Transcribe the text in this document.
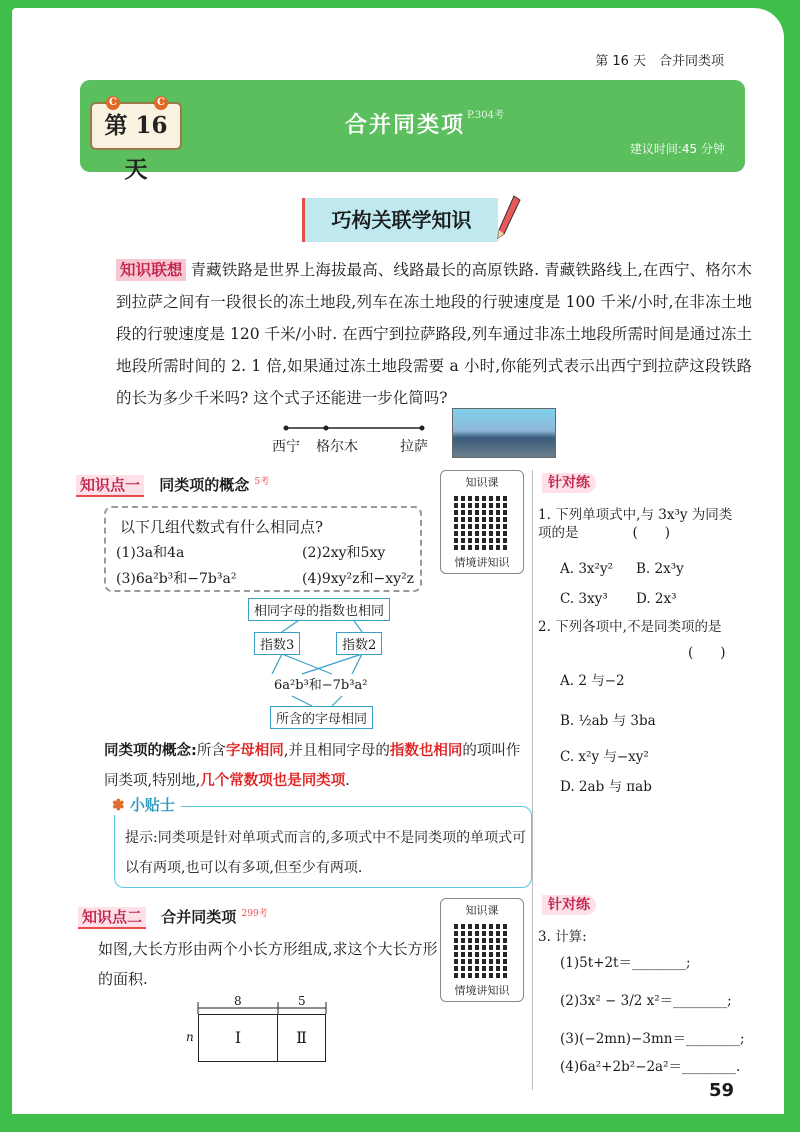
第 16 天　合并同类项
C	C
第 16 天
合并同类项 P.304考
建议时间:45 分钟
巧构关联学知识
知识联想 青藏铁路是世界上海拔最高、线路最长的高原铁路. 青藏铁路线上,在西宁、格尔木到拉萨之间有一段很长的冻土地段,列车在冻土地段的行驶速度是 100 千米/小时,在非冻土地段的行驶速度是 120 千米/小时. 在西宁到拉萨路段,列车通过非冻土地段所需时间是通过冻土地段所需时间的 2. 1 倍,如果通过冻土地段需要 a 小时,你能列式表示出西宁到拉萨这段铁路的长为多少千米吗? 这个式子还能进一步化简吗?
西宁 格尔木	拉萨
知识点一 同类项的概念 $^{5考}$	知识课
情境讲知识
以下几组代数式有什么相同点?
(1)3a和4a	(2)2xy和5xy
(3)6a²b³和−7b³a²	(4)9xy²z和−xy²z
相同字母的指数也相同
指数3	指数2
6a²b³和−7b³a²
所含的字母相同
同类项的概念:所含字母相同,并且相同字母的指数也相同的项叫作同类项,特别地,几个常数项也是同类项.
提示:同类项是针对单项式而言的,多项式中不是同类项的单项式可以有两项,也可以有多项,但至少有两项.
✽ 小贴士
知识点二 合并同类项 $^{299考}$	知识课
情境讲知识
如图,大长方形由两个小长方形组成,求这个大长方形的面积.
8	5
n	Ⅰ	Ⅱ
针对练
1. 下列单项式中,与 3x³y 为同类项的是　　　　(　　)
A. 3x²y² B. 2x³y
C. 3xy³ D. 2x³
2. 下列各项中,不是同类项的是
(　　)
A. 2 与−2
B. ½ab 与 3ba
C. x²y 与−xy²
D. 2ab 与 πab
针对练
3. 计算:
(1)5t+2t＝________;
(2)3x² − 3/2 x²＝________;
(3)(−2mn)−3mn＝________;
(4)6a²+2b²−2a²＝________.
59
